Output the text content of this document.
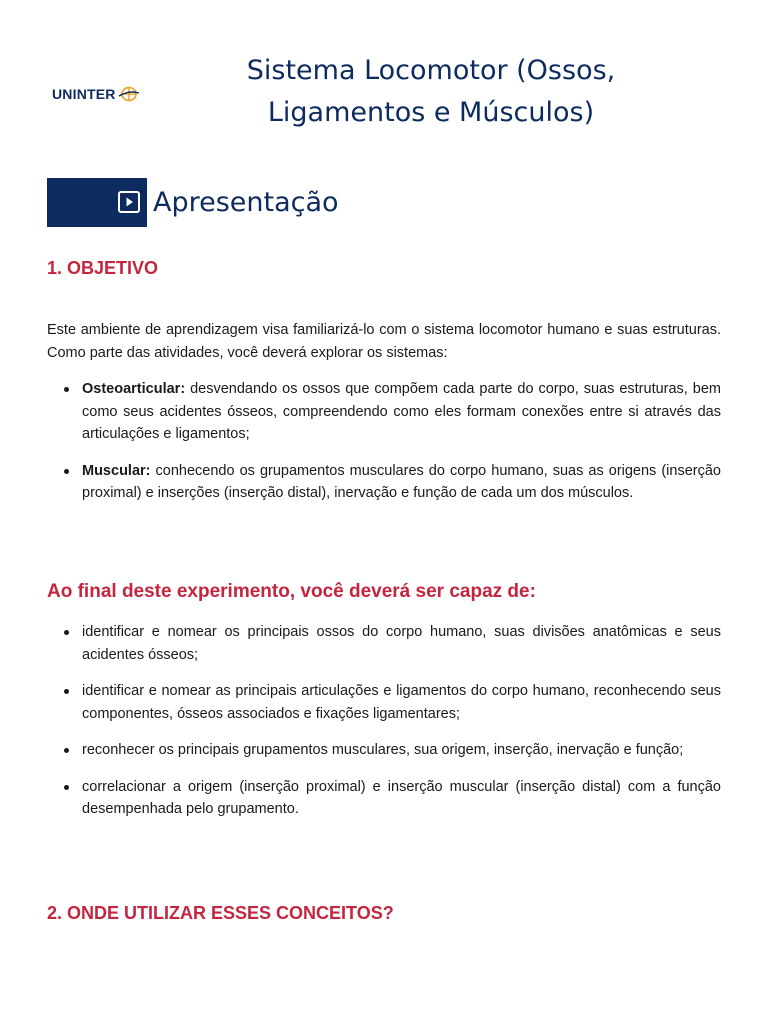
UNINTER
Sistema Locomotor (Ossos,
Ligamentos e Músculos)
Apresentação
1. OBJETIVO

Este ambiente de aprendizagem visa familiarizá-lo com o sistema locomotor humano e suas estruturas. Como parte das atividades, você deverá explorar os sistemas:

Osteoarticular: desvendando os ossos que compõem cada parte do corpo, suas estruturas, bem como seus acidentes ósseos, compreendendo como eles formam conexões entre si através das articulações e ligamentos;
Muscular: conhecendo os grupamentos musculares do corpo humano, suas as origens (inserção proximal) e inserções (inserção distal), inervação e função de cada um dos músculos.
Ao final deste experimento, você deverá ser capaz de:
identificar e nomear os principais ossos do corpo humano, suas divisões anatômicas e seus acidentes ósseos;
identificar e nomear as principais articulações e ligamentos do corpo humano, reconhecendo seus componentes, ósseos associados e fixações ligamentares;
reconhecer os principais grupamentos musculares, sua origem, inserção, inervação e função;
correlacionar a origem (inserção proximal) e inserção muscular (inserção distal) com a função desempenhada pelo grupamento.
2. ONDE UTILIZAR ESSES CONCEITOS?
